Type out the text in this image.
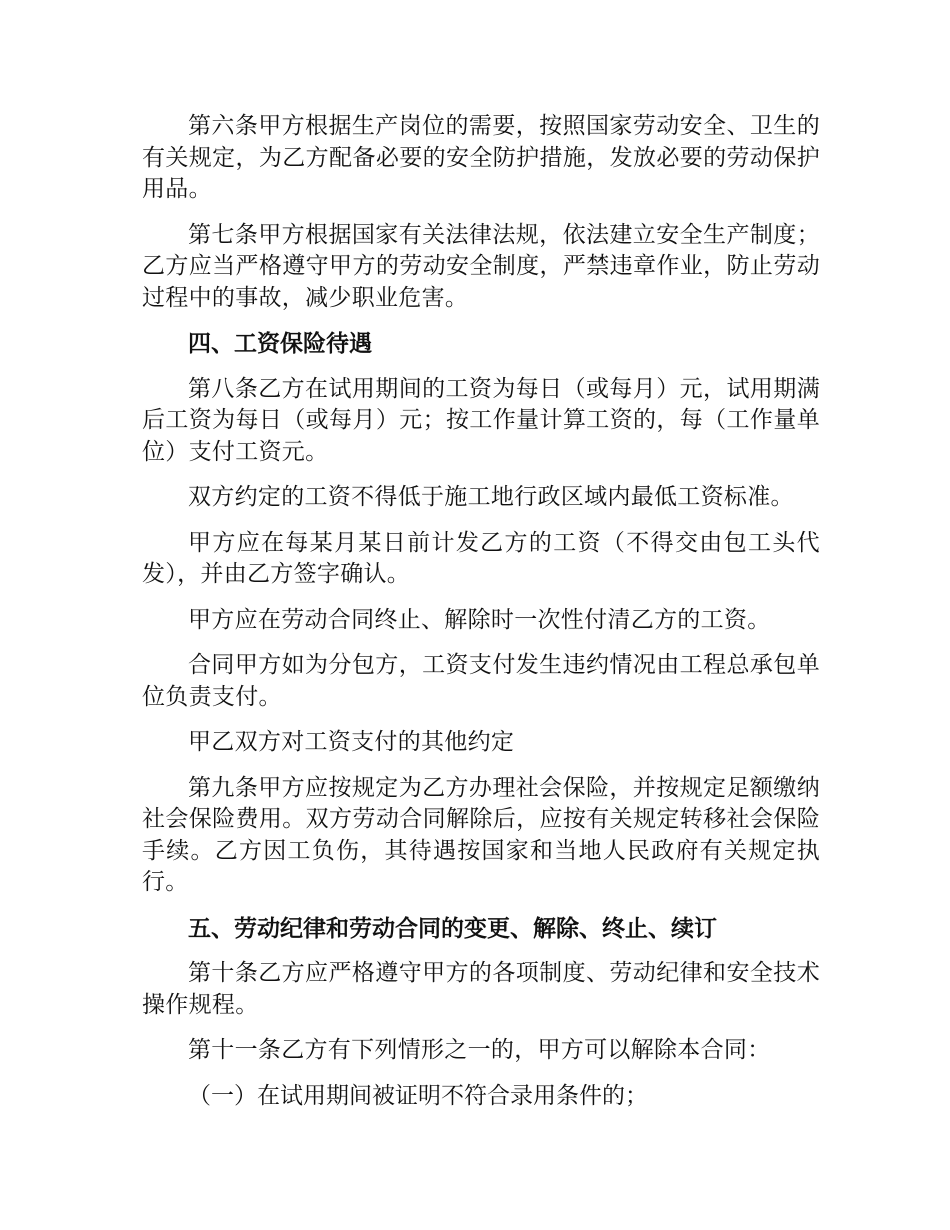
第六条甲方根据生产岗位的需要，按照国家劳动安全、卫生的有关规定，为乙方配备必要的安全防护措施，发放必要的劳动保护用品。

第七条甲方根据国家有关法律法规，依法建立安全生产制度；乙方应当严格遵守甲方的劳动安全制度，严禁违章作业，防止劳动过程中的事故，减少职业危害。

四、工资保险待遇

第八条乙方在试用期间的工资为每日（或每月）元，试用期满后工资为每日（或每月）元；按工作量计算工资的，每（工作量单位）支付工资元。

双方约定的工资不得低于施工地行政区域内最低工资标准。

甲方应在每某月某日前计发乙方的工资（不得交由包工头代发），并由乙方签字确认。

甲方应在劳动合同终止、解除时一次性付清乙方的工资。

合同甲方如为分包方，工资支付发生违约情况由工程总承包单位负责支付。

甲乙双方对工资支付的其他约定

第九条甲方应按规定为乙方办理社会保险，并按规定足额缴纳社会保险费用。双方劳动合同解除后，应按有关规定转移社会保险手续。乙方因工负伤，其待遇按国家和当地人民政府有关规定执行。

五、劳动纪律和劳动合同的变更、解除、终止、续订

第十条乙方应严格遵守甲方的各项制度、劳动纪律和安全技术操作规程。

第十一条乙方有下列情形之一的，甲方可以解除本合同：

（一）在试用期间被证明不符合录用条件的；
